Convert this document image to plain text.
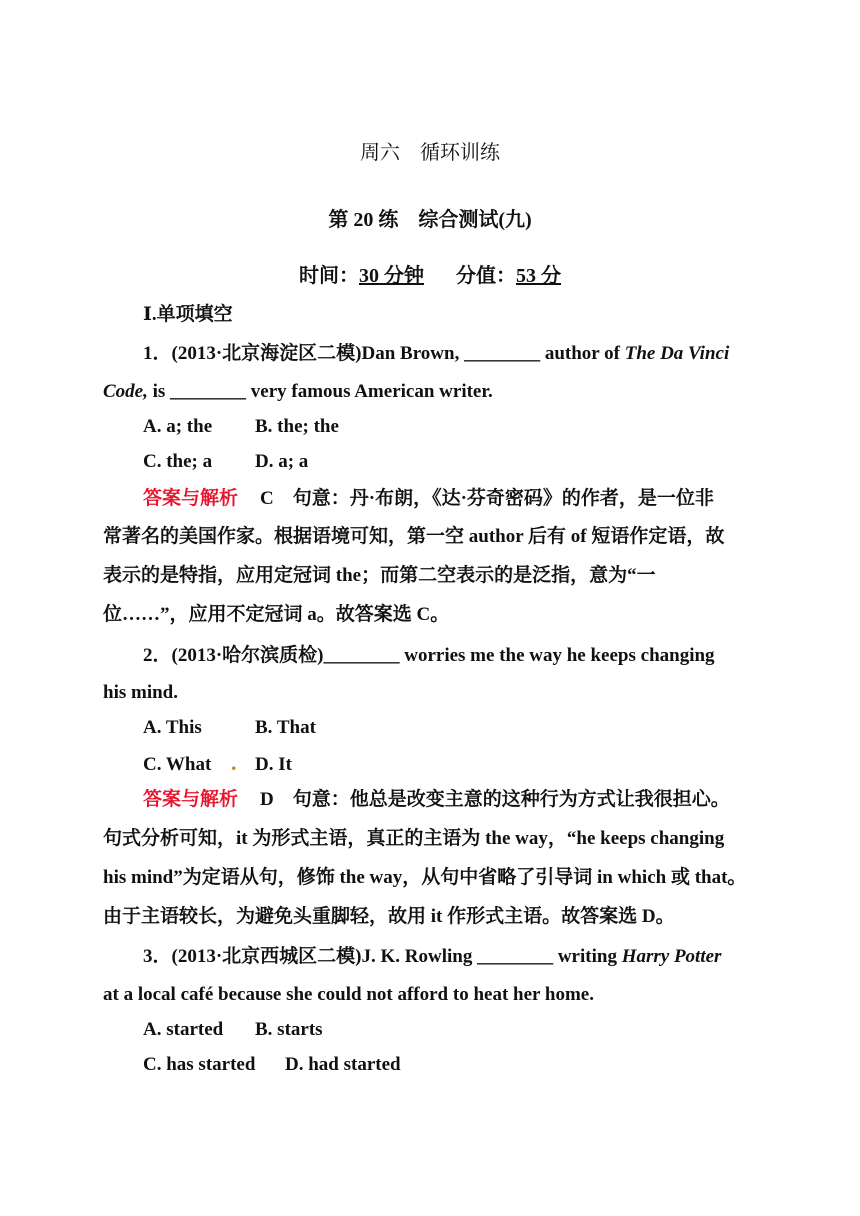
周六　循环训练
第 20 练　综合测试(九)
时间：30 分钟 分值：53 分
Ⅰ.单项填空
1．(2013·北京海淀区二模)Dan Brown, ________ author of The Da Vinci
Code, is ________ very famous American writer.
A. a; the B. the; the
C. the; a D. a; a
答案与解析 C　句意：丹·布朗，《达·芬奇密码》的作者，是一位非
常著名的美国作家。根据语境可知，第一空 author 后有 of 短语作定语，故
表示的是特指，应用定冠词 the；而第二空表示的是泛指，意为“一
位……”，应用不定冠词 a。故答案选 C。
2．(2013·哈尔滨质检)________ worries me the way he keeps changing
his mind.
A. This	B. That
C. What . D. It
答案与解析 D　句意：他总是改变主意的这种行为方式让我很担心。
句式分析可知，it 为形式主语，真正的主语为 the way，“he keeps changing
his mind”为定语从句，修饰 the way，从句中省略了引导词 in which 或 that。
由于主语较长，为避免头重脚轻，故用 it 作形式主语。故答案选 D。
3．(2013·北京西城区二模)J. K. Rowling ________ writing Harry Potter
at a local café because she could not afford to heat her home.
A. started B. starts
C. has started D. had started
